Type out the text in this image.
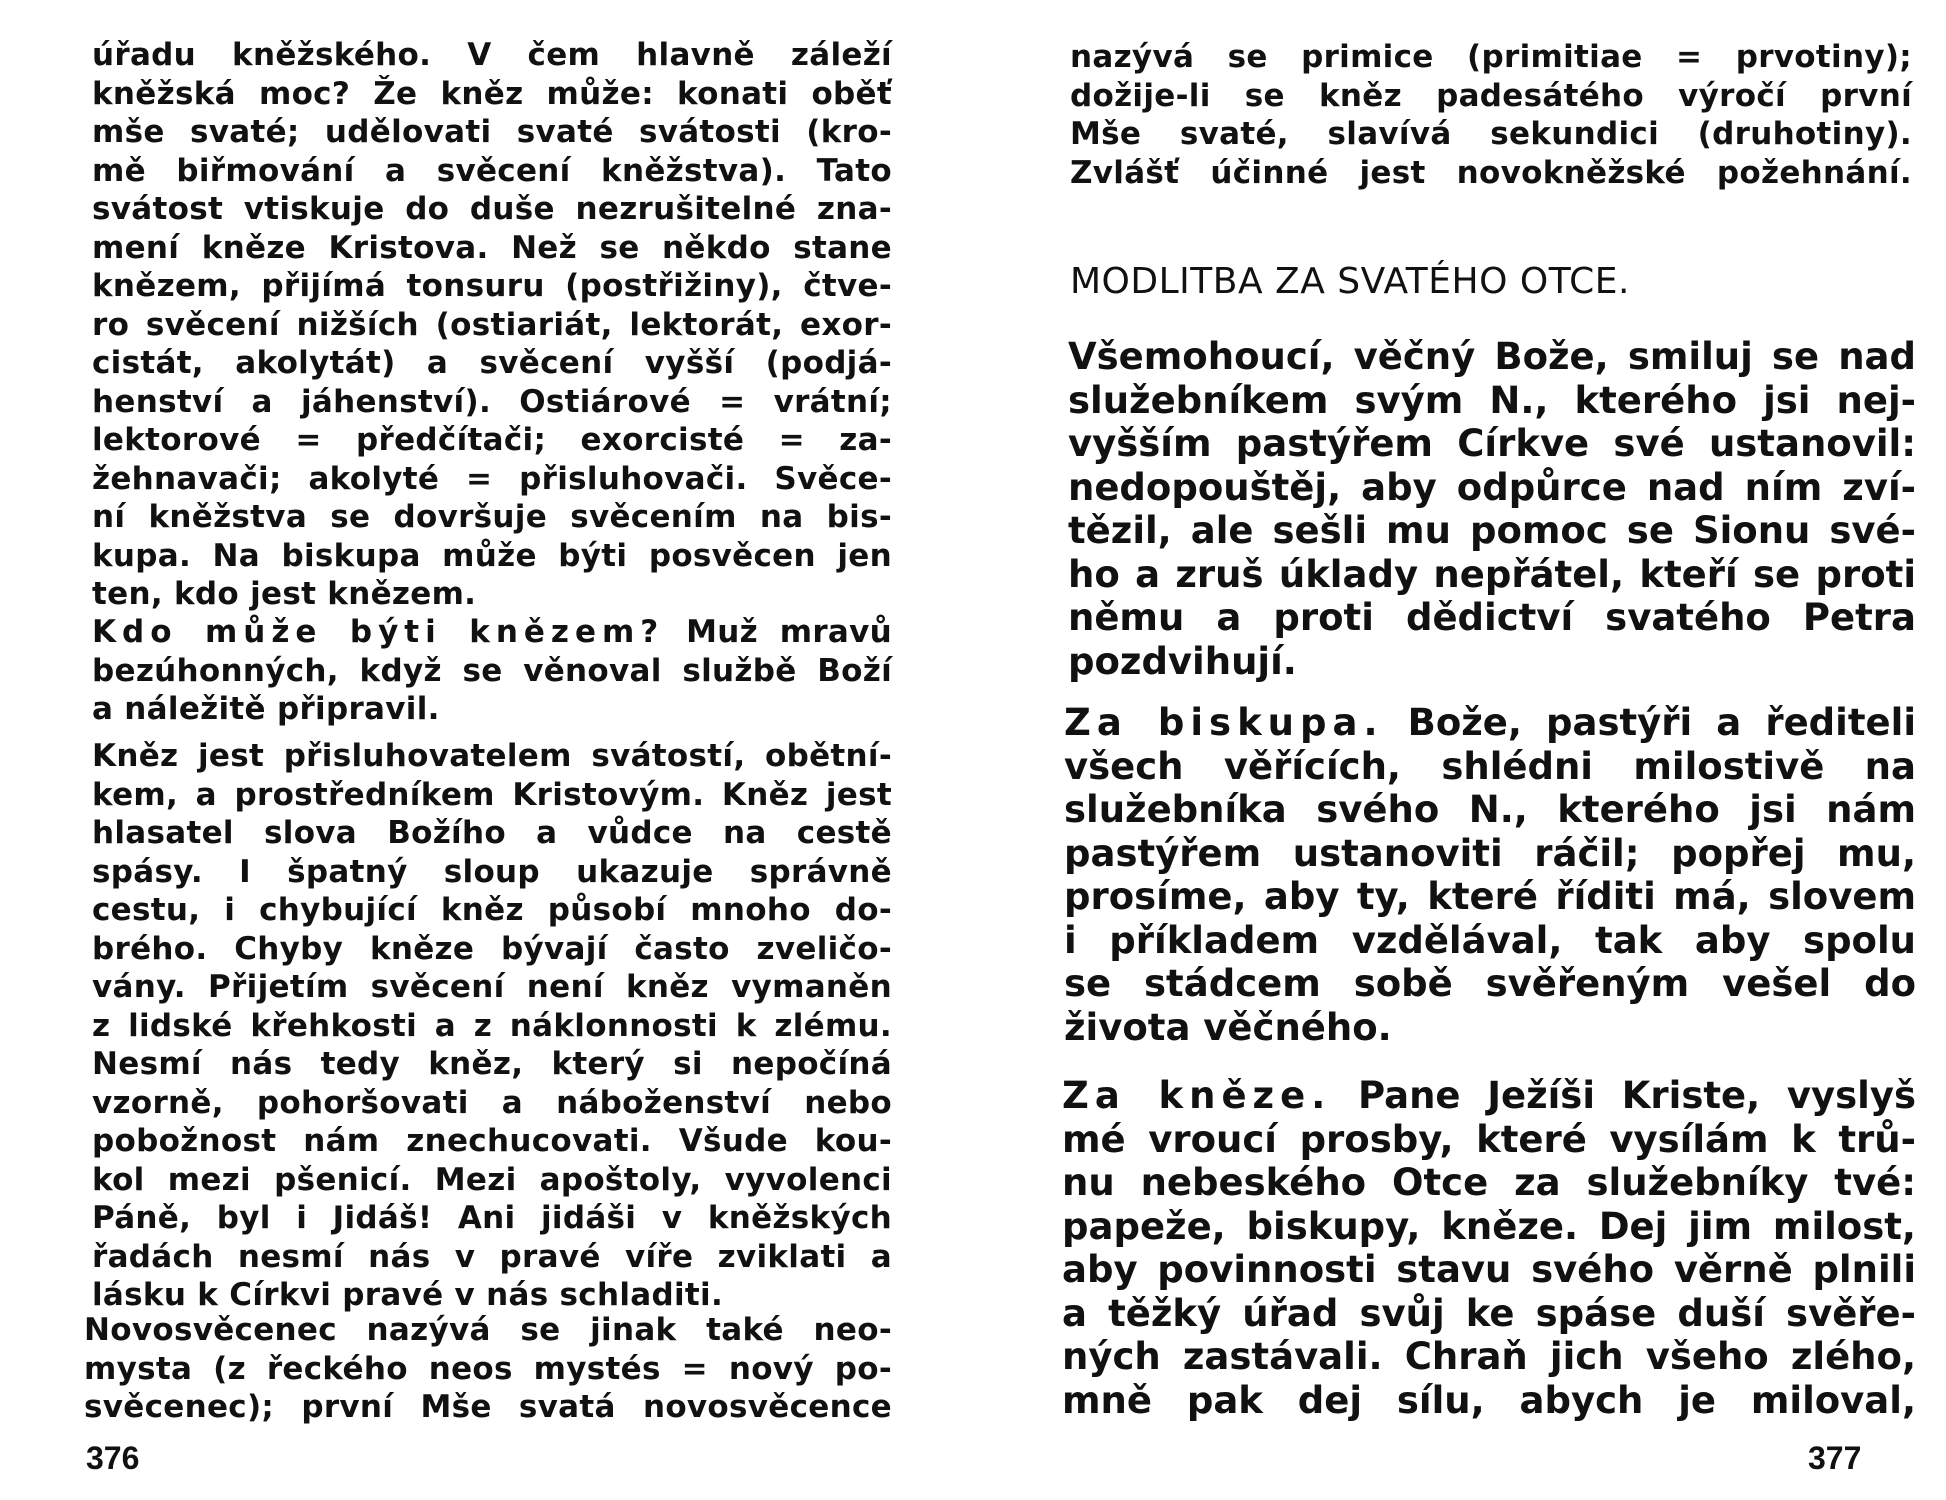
úřadu kněžského. V čem hlavně záleží
kněžská moc? Že kněz může: konati oběť
mše svaté; udělovati svaté svátosti (kro-
mě biřmování a svěcení kněžstva). Tato
svátost vtiskuje do duše nezrušitelné zna-
mení kněze Kristova. Než se někdo stane
knězem, přijímá tonsuru (postřižiny), čtve-
ro svěcení nižších (ostiariát, lektorát, exor-
cistát, akolytát) a svěcení vyšší (podjá-
henství a jáhenství). Ostiárové = vrátní;
lektorové = předčítači; exorcisté = za-
žehnavači; akolyté = přisluhovači. Svěce-
ní kněžstva se dovršuje svěcením na bis-
kupa. Na biskupa může býti posvěcen jen
ten, kdo jest knězem.

Kdo může býti knězem? Muž mravů
bezúhonných, když se věnoval službě Boží
a náležitě připravil.

Kněz jest přisluhovatelem svátostí, obětní-
kem, a prostředníkem Kristovým. Kněz jest
hlasatel slova Božího a vůdce na cestě
spásy. I špatný sloup ukazuje správně
cestu, i chybující kněz působí mnoho do-
brého. Chyby kněze bývají často zveličo-
vány. Přijetím svěcení není kněz vymaněn
z lidské křehkosti a z náklonnosti k zlému.
Nesmí nás tedy kněz, který si nepočíná
vzorně, pohoršovati a náboženství nebo
pobožnost nám znechucovati. Všude kou-
kol mezi pšenicí. Mezi apoštoly, vyvolenci
Páně, byl i Jidáš! Ani jidáši v kněžských
řadách nesmí nás v pravé víře zviklati a
lásku k Církvi pravé v nás schladiti.

Novosvěcenec nazývá se jinak také neo-
mysta (z řeckého neos mystés = nový po-
svěcenec); první Mše svatá novosvěcence

376

nazývá se primice (primitiae = prvotiny);
dožije-li se kněz padesátého výročí první
Mše svaté, slavívá sekundici (druhotiny).
Zvlášť účinné jest novokněžské požehnání.

MODLITBA ZA SVATÉHO OTCE.

Všemohoucí, věčný Bože, smiluj se nad
služebníkem svým N., kterého jsi nej-
vyšším pastýřem Církve své ustanovil:
nedopouštěj, aby odpůrce nad ním zví-
tězil, ale sešli mu pomoc se Sionu své-
ho a zruš úklady nepřátel, kteří se proti
němu a proti dědictví svatého Petra
pozdvihují.

Za biskupa. Bože, pastýři a řediteli
všech věřících, shlédni milostivě na
služebníka svého N., kterého jsi nám
pastýřem ustanoviti ráčil; popřej mu,
prosíme, aby ty, které říditi má, slovem
i příkladem vzdělával, tak aby spolu
se stádcem sobě svěřeným vešel do
života věčného.

Za kněze. Pane Ježíši Kriste, vyslyš
mé vroucí prosby, které vysílám k trů-
nu nebeského Otce za služebníky tvé:
papeže, biskupy, kněze. Dej jim milost,
aby povinnosti stavu svého věrně plnili
a těžký úřad svůj ke spáse duší svěře-
ných zastávali. Chraň jich všeho zlého,
mně pak dej sílu, abych je miloval,

377
